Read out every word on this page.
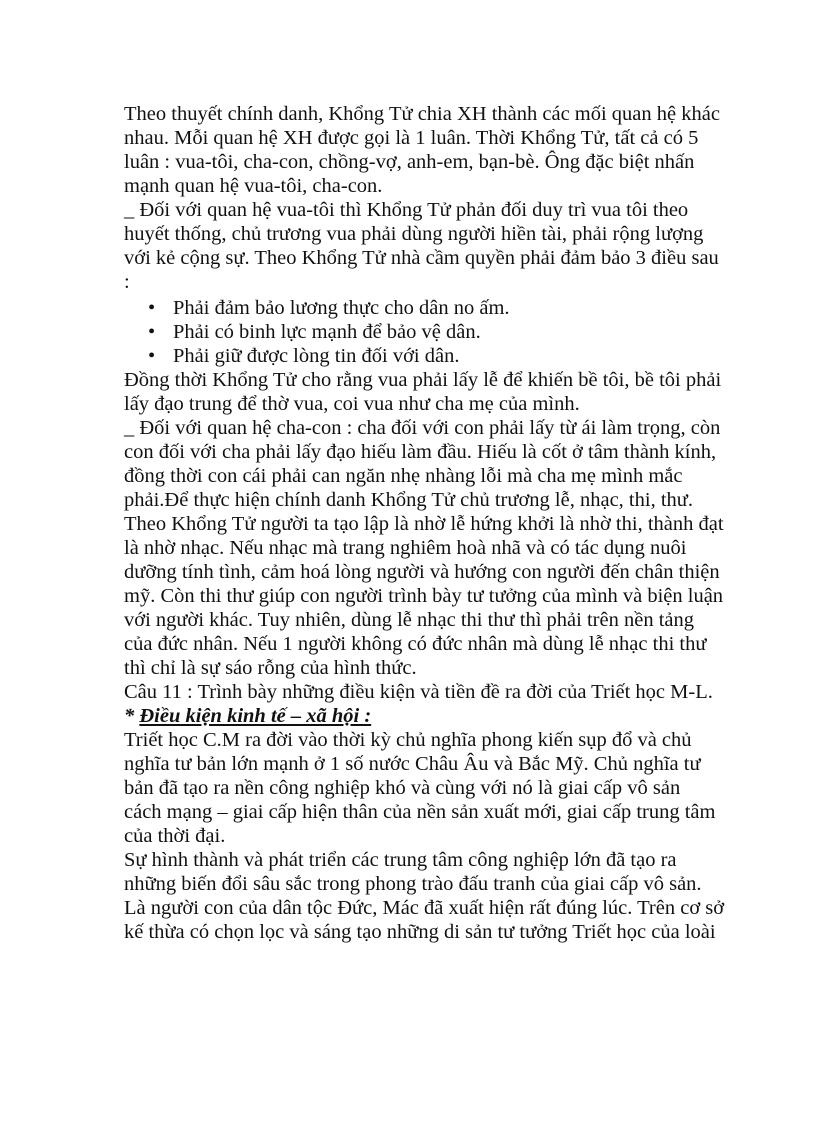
Theo thuyết chính danh, Khổng Tử chia XH thành các mối quan hệ khác
nhau. Mỗi quan hệ XH được gọi là 1 luân. Thời Khổng Tử, tất cả có 5
luân : vua-tôi, cha-con, chồng-vợ, anh-em, bạn-bè. Ông đặc biệt nhấn
mạnh quan hệ vua-tôi, cha-con.
_ Đối với quan hệ vua-tôi thì Khổng Tử phản đối duy trì vua tôi theo
huyết thống, chủ trương vua phải dùng người hiền tài, phải rộng lượng
với kẻ cộng sự. Theo Khổng Tử nhà cầm quyền phải đảm bảo 3 điều sau
:
• Phải đảm bảo lương thực cho dân no ấm.
• Phải có binh lực mạnh để bảo vệ dân.
• Phải giữ được lòng tin đối với dân.
Đồng thời Khổng Tử cho rằng vua phải lấy lễ để khiến bề tôi, bề tôi phải
lấy đạo trung để thờ vua, coi vua như cha mẹ của mình.
_ Đối với quan hệ cha-con : cha đối với con phải lấy từ ái làm trọng, còn
con đối với cha phải lấy đạo hiếu làm đầu. Hiếu là cốt ở tâm thành kính,
đồng thời con cái phải can ngăn nhẹ nhàng lỗi mà cha mẹ mình mắc
phải.Để thực hiện chính danh Khổng Tử chủ trương lễ, nhạc, thi, thư.
Theo Khổng Tử người ta tạo lập là nhờ lễ hứng khởi là nhờ thi, thành đạt
là nhờ nhạc. Nếu nhạc mà trang nghiêm hoà nhã và có tác dụng nuôi
dưỡng tính tình, cảm hoá lòng người và hướng con người đến chân thiện
mỹ. Còn thi thư giúp con người trình bày tư tưởng của mình và biện luận
với người khác. Tuy nhiên, dùng lễ nhạc thi thư thì phải trên nền tảng
của đức nhân. Nếu 1 người không có đức nhân mà dùng lễ nhạc thi thư
thì chỉ là sự sáo rỗng của hình thức.
Câu 11 : Trình bày những điều kiện và tiền đề ra đời của Triết học M-L.
* Điều kiện kinh tế – xã hội :
Triết học C.M ra đời vào thời kỳ chủ nghĩa phong kiến sụp đổ và chủ
nghĩa tư bản lớn mạnh ở 1 số nước Châu Âu và Bắc Mỹ. Chủ nghĩa tư
bản đã tạo ra nền công nghiệp khó và cùng với nó là giai cấp vô sản
cách mạng – giai cấp hiện thân của nền sản xuất mới, giai cấp trung tâm
của thời đại.
Sự hình thành và phát triển các trung tâm công nghiệp lớn đã tạo ra
những biến đổi sâu sắc trong phong trào đấu tranh của giai cấp vô sản.
Là người con của dân tộc Đức, Mác đã xuất hiện rất đúng lúc. Trên cơ sở
kế thừa có chọn lọc và sáng tạo những di sản tư tưởng Triết học của loài
